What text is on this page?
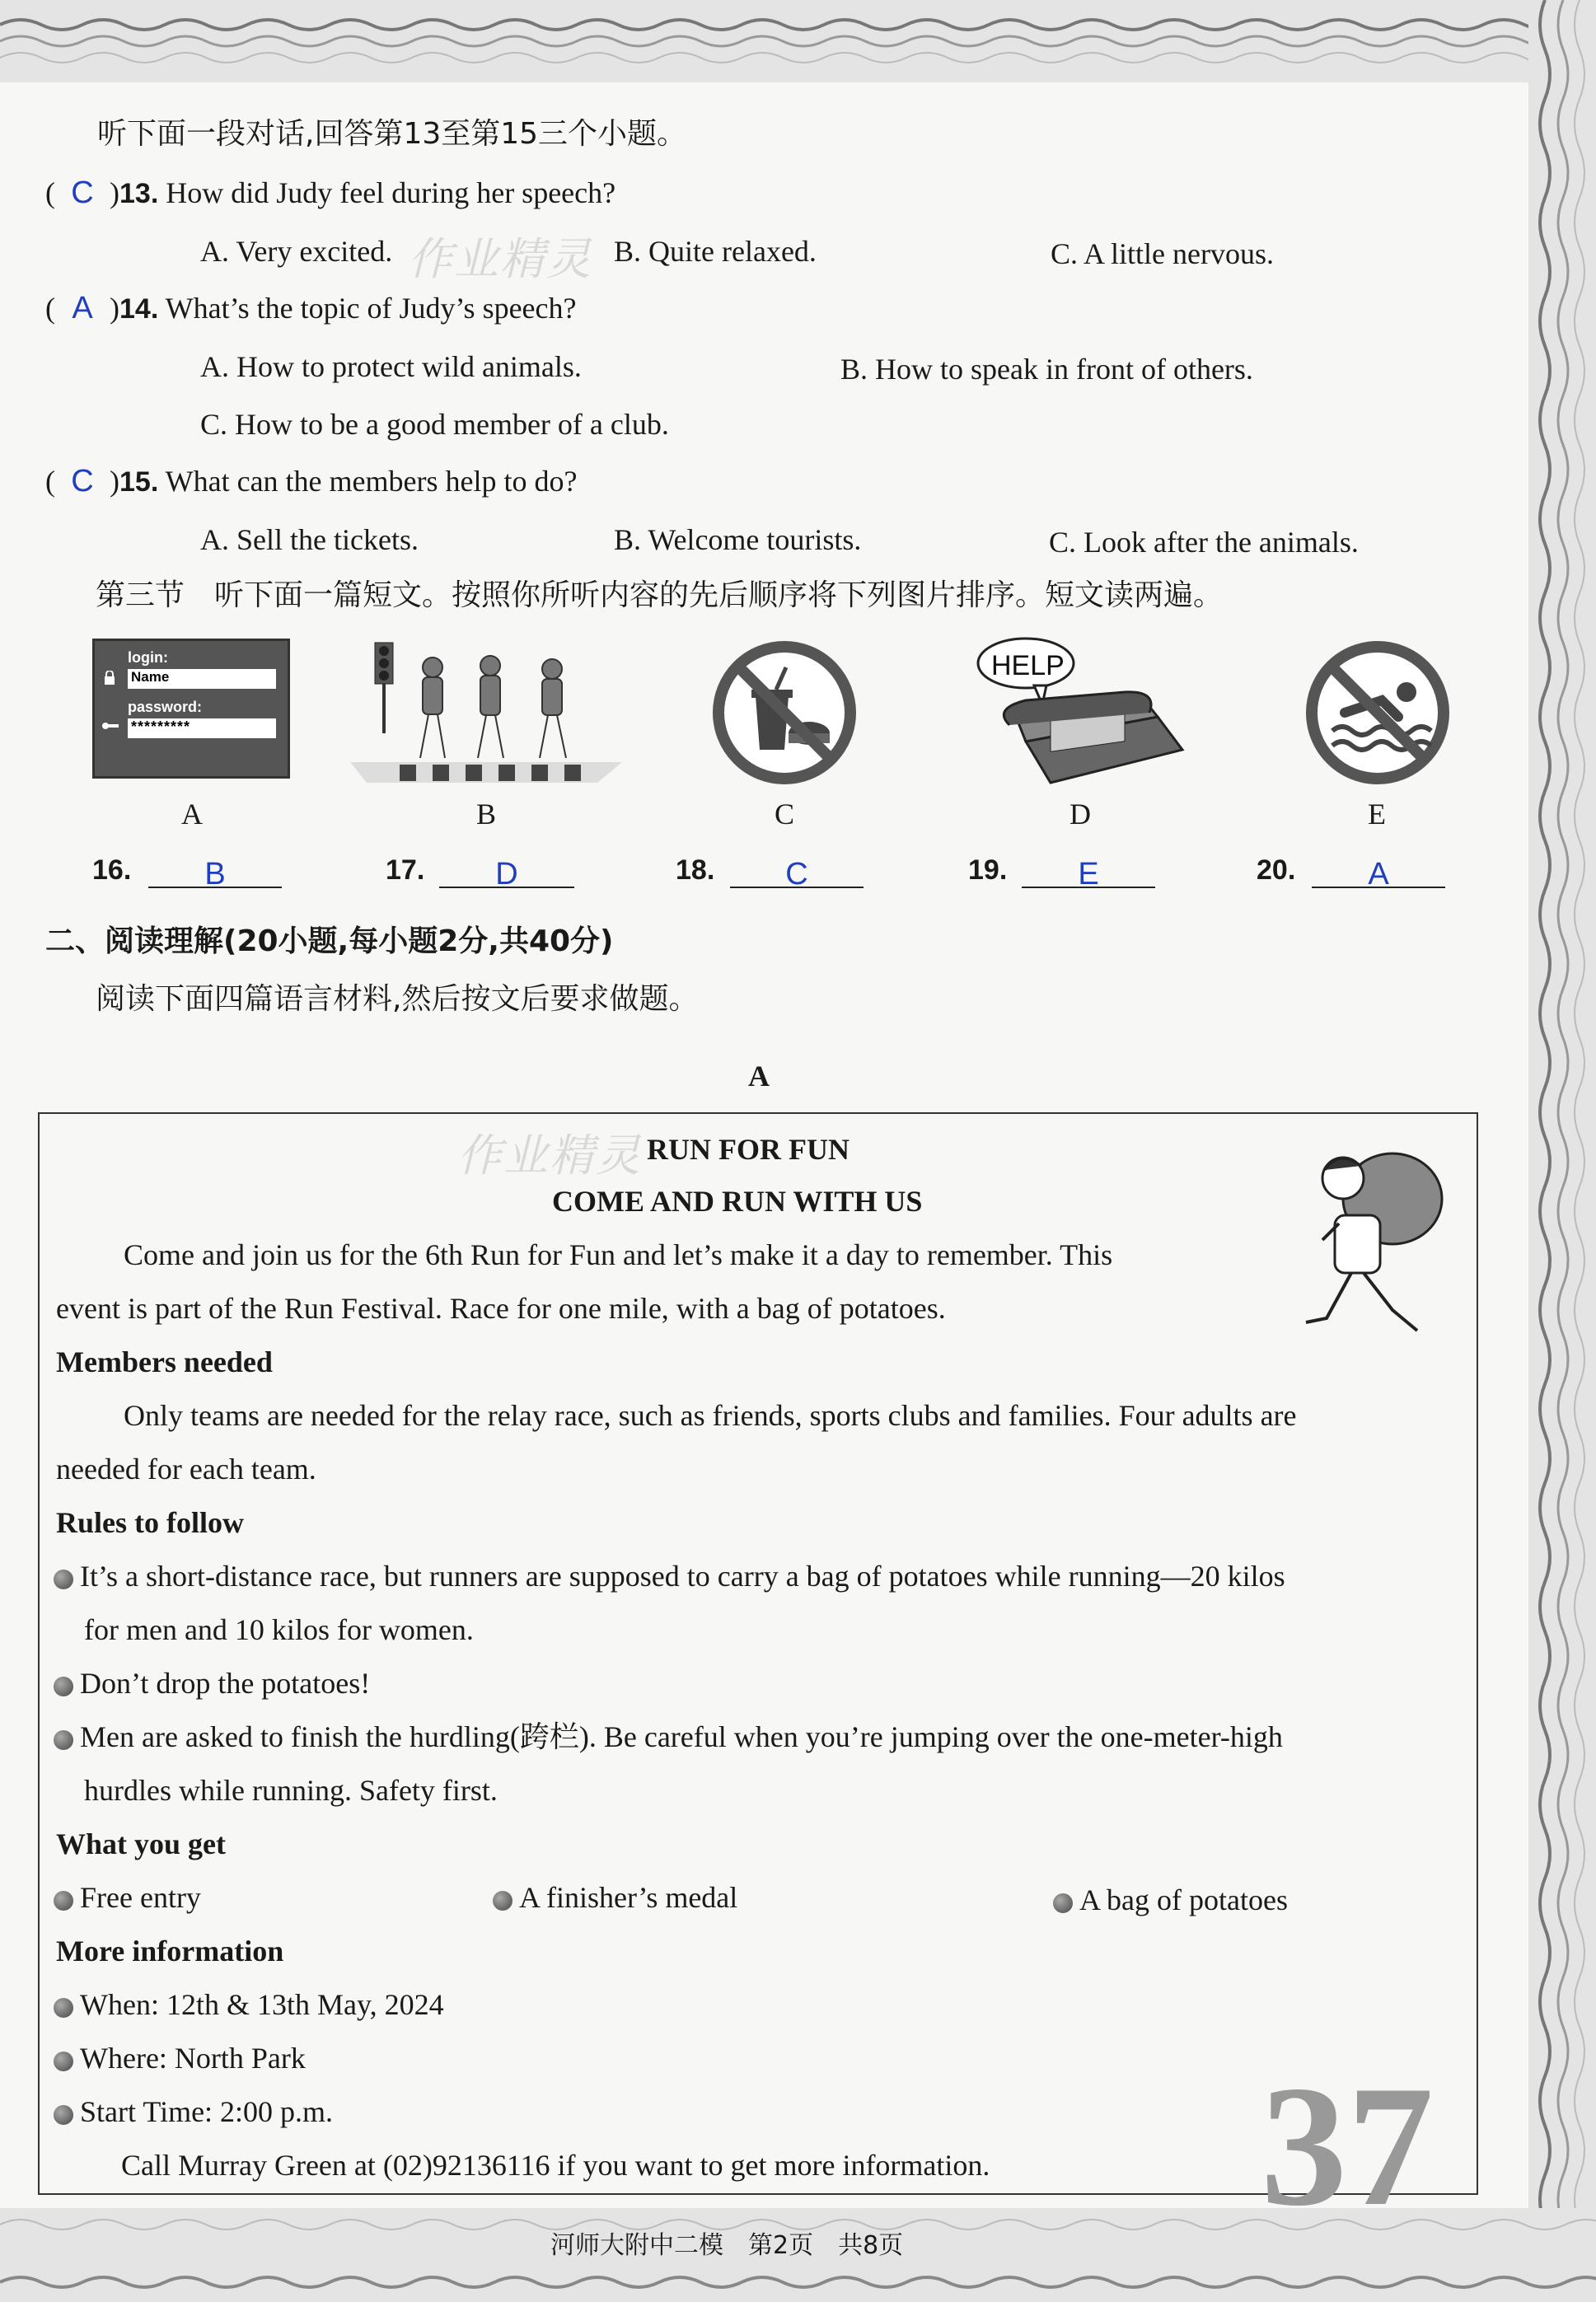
作业精灵
作业精灵
听下面一段对话,回答第13至第15三个小题。
( C )13. How did Judy feel during her speech?
A. Very excited.	B. Quite relaxed.	C. A little nervous.
( A )14. What’s the topic of Judy’s speech?
A. How to protect wild animals.	B. How to speak in front of others.
C. How to be a good member of a club.
( C )15. What can the members help to do?
A. Sell the tickets.	B. Welcome tourists.	C. Look after the animals.
第三节　听下面一篇短文。按照你所听内容的先后顺序将下列图片排序。短文读两遍。
login:
Name
password:
*********
HELP
A	B	C	D	E
16.	B	17.	D	18.	C	19.	E	20.	A
二、阅读理解(20小题,每小题2分,共40分)
阅读下面四篇语言材料,然后按文后要求做题。
A
RUN FOR FUN
COME AND RUN WITH US
Come and join us for the 6th Run for Fun and let’s make it a day to remember. This
event is part of the Run Festival. Race for one mile, with a bag of potatoes.
Members needed
Only teams are needed for the relay race, such as friends, sports clubs and families. Four adults are
needed for each team.
Rules to follow
It’s a short-distance race, but runners are supposed to carry a bag of potatoes while running—20 kilos
for men and 10 kilos for women.
Don’t drop the potatoes!
Men are asked to finish the hurdling(跨栏). Be careful when you’re jumping over the one-meter-high
hurdles while running. Safety first.
What you get
Free entry	A finisher’s medal	A bag of potatoes
More information
When: 12th & 13th May, 2024
Where: North Park
Start Time: 2:00 p.m.
Call Murray Green at (02)92136116 if you want to get more information. 37
河师大附中二模　第2页　共8页
